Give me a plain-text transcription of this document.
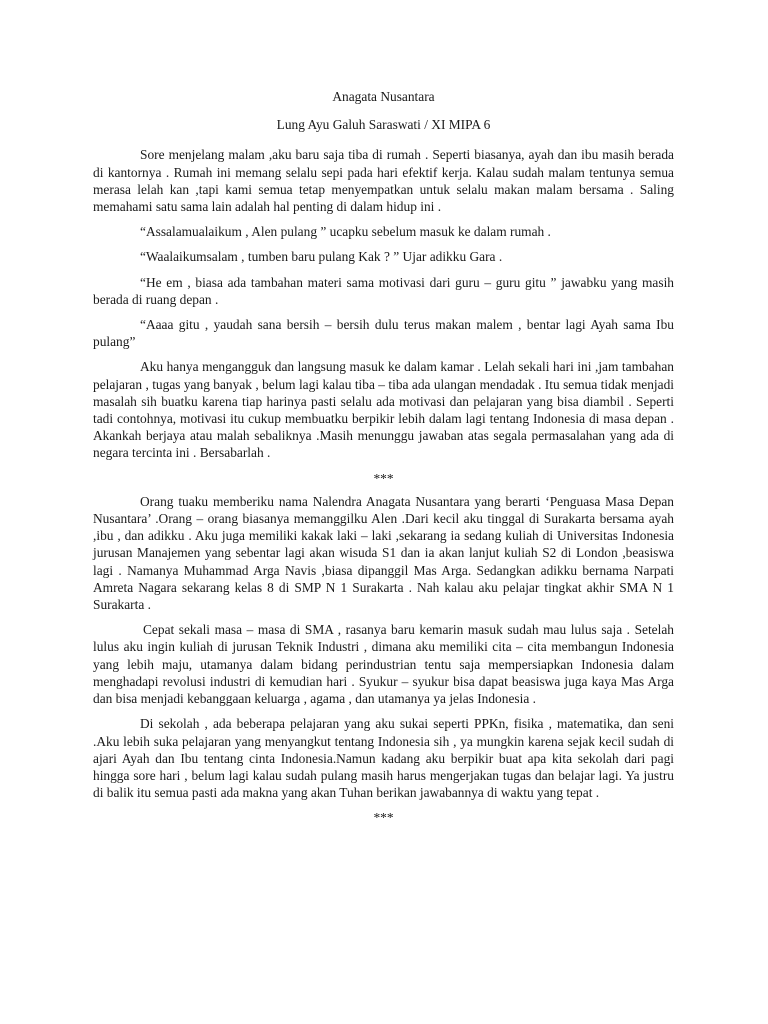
Anagata Nusantara

Lung Ayu Galuh Saraswati / XI MIPA 6

Sore menjelang malam ,aku baru saja tiba di rumah . Seperti biasanya, ayah dan ibu masih berada di kantornya . Rumah ini memang selalu sepi pada hari efektif kerja. Kalau sudah malam tentunya semua merasa lelah kan ,tapi kami semua tetap menyempatkan untuk selalu makan malam bersama . Saling memahami satu sama lain adalah hal penting di dalam hidup ini .

“Assalamualaikum , Alen pulang ” ucapku sebelum masuk ke dalam rumah .

“Waalaikumsalam , tumben baru pulang Kak ? ” Ujar adikku Gara .

“He em , biasa ada tambahan materi sama motivasi dari guru – guru gitu ” jawabku yang masih berada di ruang depan .

“Aaaa gitu , yaudah sana bersih – bersih dulu terus makan malem , bentar lagi Ayah sama Ibu pulang”

Aku hanya mengangguk dan langsung masuk ke dalam kamar . Lelah sekali hari ini ,jam tambahan pelajaran , tugas yang banyak , belum lagi kalau tiba – tiba ada ulangan mendadak . Itu semua tidak menjadi masalah sih buatku karena tiap harinya pasti selalu ada motivasi dan pelajaran yang bisa diambil . Seperti tadi contohnya, motivasi itu cukup membuatku berpikir lebih dalam lagi tentang Indonesia di masa depan . Akankah berjaya atau malah sebaliknya .Masih menunggu jawaban atas segala permasalahan yang ada di negara tercinta ini . Bersabarlah .

***

Orang tuaku memberiku nama Nalendra Anagata Nusantara yang berarti ‘Penguasa Masa Depan Nusantara’ .Orang – orang biasanya memanggilku Alen .Dari kecil aku tinggal di Surakarta bersama ayah ,ibu , dan adikku . Aku juga memiliki kakak laki – laki ,sekarang ia sedang kuliah di Universitas Indonesia jurusan Manajemen yang sebentar lagi akan wisuda S1 dan ia akan lanjut kuliah S2 di London ,beasiswa lagi . Namanya Muhammad Arga Navis ,biasa dipanggil Mas Arga. Sedangkan adikku bernama Narpati Amreta Nagara sekarang kelas 8 di SMP N 1 Surakarta . Nah kalau aku pelajar tingkat akhir SMA N 1 Surakarta .

Cepat sekali masa – masa di SMA , rasanya baru kemarin masuk sudah mau lulus saja . Setelah lulus aku ingin kuliah di jurusan Teknik Industri , dimana aku memiliki cita – cita membangun Indonesia yang lebih maju, utamanya dalam bidang perindustrian tentu saja mempersiapkan Indonesia dalam menghadapi revolusi industri di kemudian hari . Syukur – syukur bisa dapat beasiswa juga kaya Mas Arga dan bisa menjadi kebanggaan keluarga , agama , dan utamanya ya jelas Indonesia .

Di sekolah , ada beberapa pelajaran yang aku sukai seperti PPKn, fisika , matematika, dan seni .Aku lebih suka pelajaran yang menyangkut tentang Indonesia sih , ya mungkin karena sejak kecil sudah di ajari Ayah dan Ibu tentang cinta Indonesia.Namun kadang aku berpikir buat apa kita sekolah dari pagi hingga sore hari , belum lagi kalau sudah pulang masih harus mengerjakan tugas dan belajar lagi. Ya justru di balik itu semua pasti ada makna yang akan Tuhan berikan jawabannya di waktu yang tepat .

***
